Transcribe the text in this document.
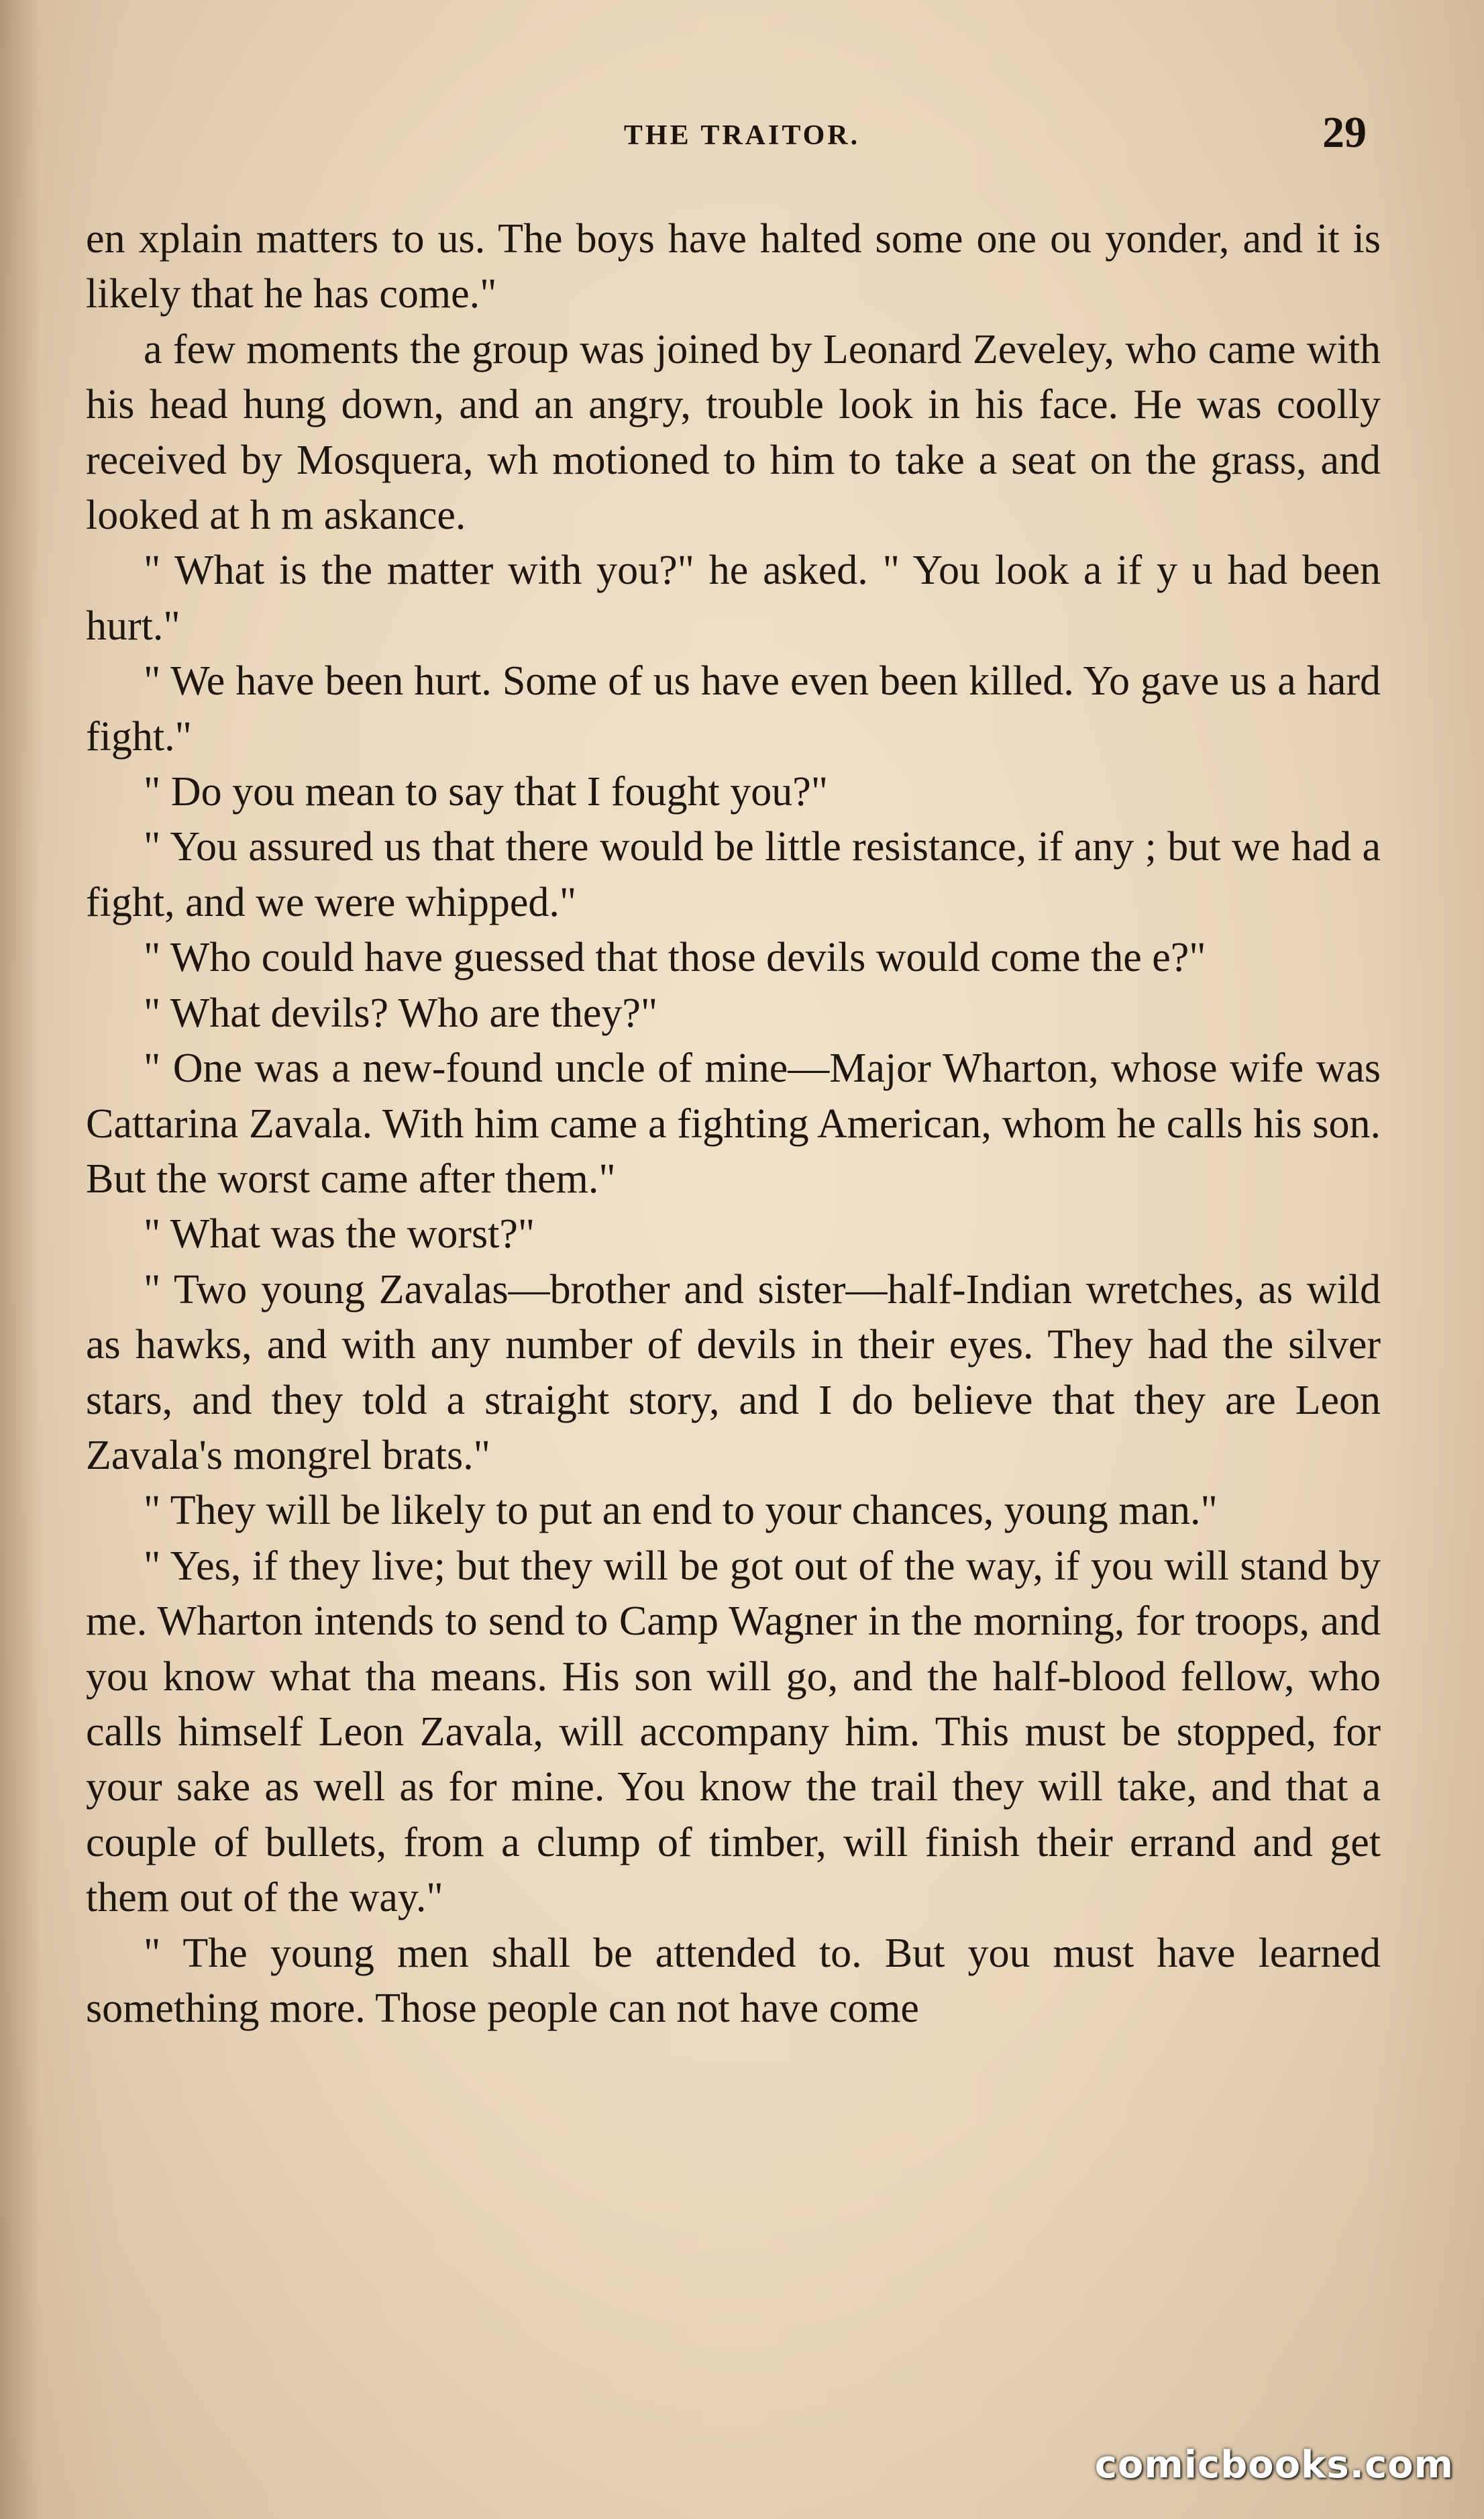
THE TRAITOR.	29

en xplain matters to us. The boys have halted some one ou yonder, and it is likely that he has come."

a few moments the group was joined by Leonard Zeveley, who came with his head hung down, and an angry, trouble look in his face. He was coolly received by Mosquera, wh motioned to him to take a seat on the grass, and looked at h m askance.

" What is the matter with you?" he asked. " You look a if y u had been hurt."

" We have been hurt. Some of us have even been killed. Yo gave us a hard fight."

" Do you mean to say that I fought you?"

" You assured us that there would be little resistance, if any ; but we had a fight, and we were whipped."

" Who could have guessed that those devils would come the e?"

" What devils? Who are they?"

" One was a new-found uncle of mine—Major Wharton, whose wife was Cattarina Zavala. With him came a fighting American, whom he calls his son. But the worst came after them."

" What was the worst?"

" Two young Zavalas—brother and sister—half-Indian wretches, as wild as hawks, and with any number of devils in their eyes. They had the silver stars, and they told a straight story, and I do believe that they are Leon Zavala's mongrel brats."

" They will be likely to put an end to your chances, young man."

" Yes, if they live; but they will be got out of the way, if you will stand by me. Wharton intends to send to Camp Wagner in the morning, for troops, and you know what tha means. His son will go, and the half-blood fellow, who calls himself Leon Zavala, will accompany him. This must be stopped, for your sake as well as for mine. You know the trail they will take, and that a couple of bullets, from a clump of timber, will finish their errand and get them out of the way."

" The young men shall be attended to. But you must have learned something more. Those people can not have come

comicbooks.com
